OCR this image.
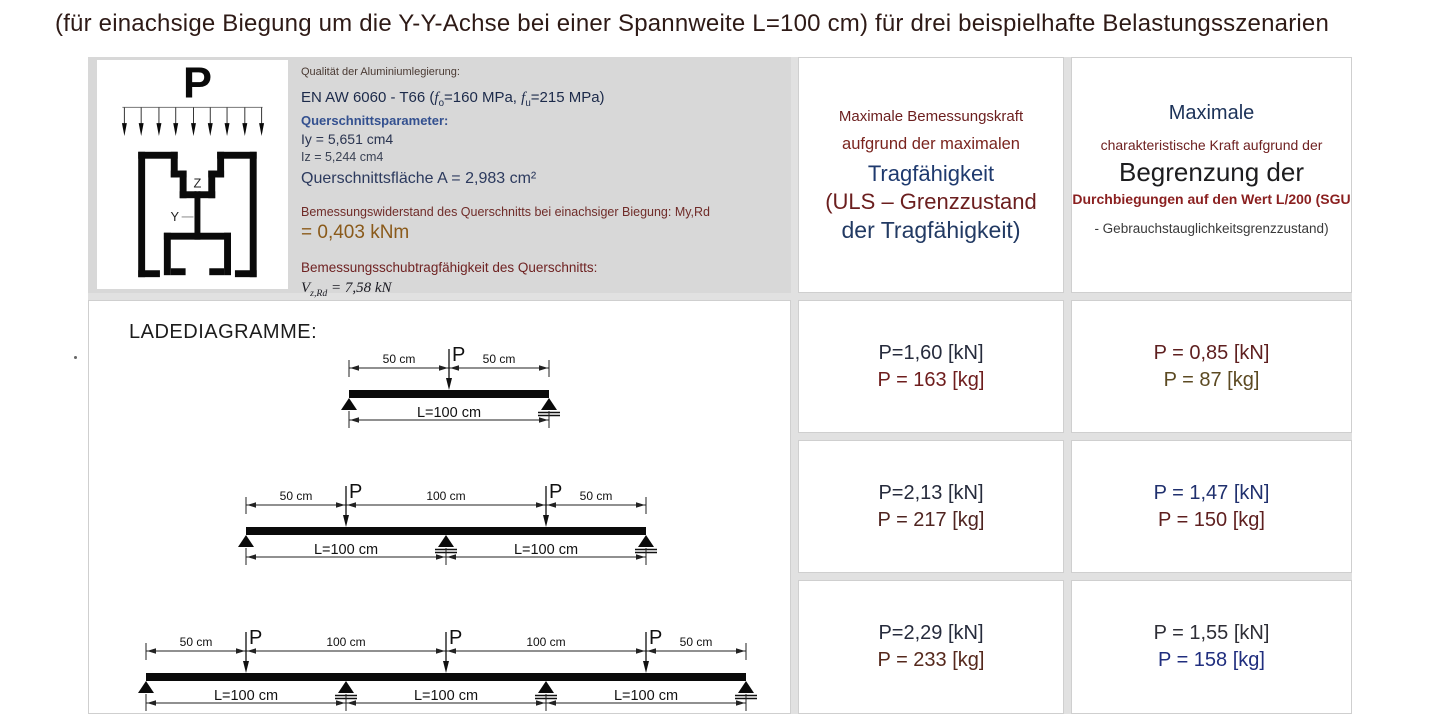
(für einachsige Biegung um die Y-Y-Achse bei einer Spannweite L=100 cm) für drei beispielhafte Belastungsszenarien
P
Z
Y
Qualität der Aluminiumlegierung:
EN AW 6060 - T66 ($f_o=160$ MPa, $f_u=215$ MPa)
Querschnittsparameter:
Iy = 5,651 cm4
Iz = 5,244 cm4
Querschnittsfläche A = 2,983 cm²
Bemessungswiderstand des Querschnitts bei einachsiger Biegung: My,Rd
= 0,403 kNm
Bemessungsschubtragfähigkeit des Querschnitts:
$V_{z,Rd} = 7,58$ kN
Maximale Bemessungskraft
aufgrund der maximalen
Tragfähigkeit
(ULS – Grenzzustand
der Tragfähigkeit)
Maximale
charakteristische Kraft aufgrund der
Begrenzung der
Durchbiegungen auf den Wert L/200 (SGU
- Gebrauchstauglichkeitsgrenzzustand)
LADEDIAGRAMME:
50 cm	50 cm
P
L=100 cm
50 cm	100 cm	50 cm
P	P
L=100 cm	L=100 cm
50 cm	100 cm	100 cm	50 cm
P	P	P
L=100 cm	L=100 cm	L=100 cm
P=1,60 [kN]
P = 163 [kg]
P = 0,85 [kN]
P = 87 [kg]
P=2,13 [kN]
P = 217 [kg]
P = 1,47 [kN]
P = 150 [kg]
P=2,29 [kN]
P = 233 [kg]
P = 1,55 [kN]
P = 158 [kg]
